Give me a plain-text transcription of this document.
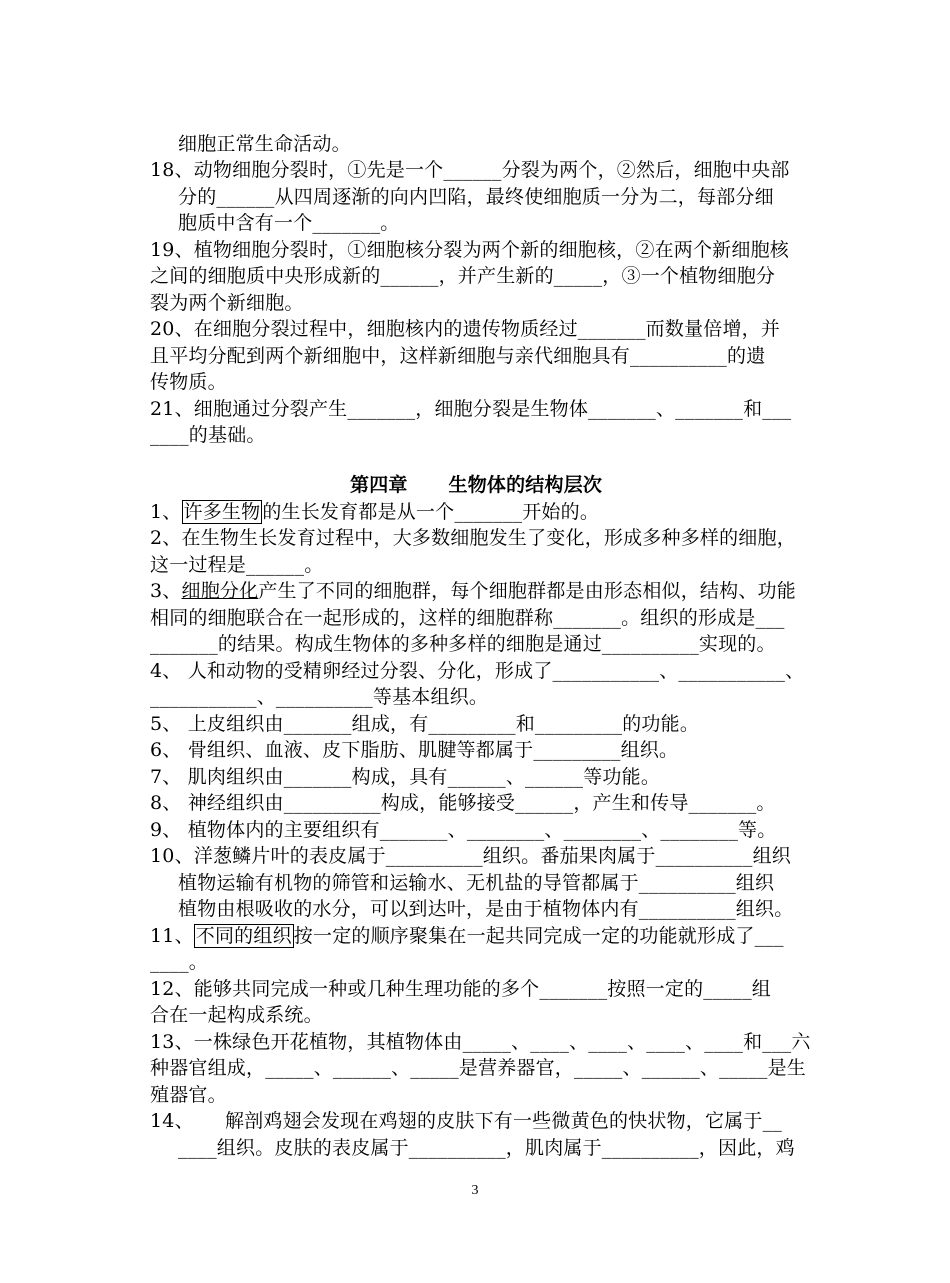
细胞正常生命活动。
18、动物细胞分裂时，①先是一个______分裂为两个，②然后，细胞中央部
分的______从四周逐渐的向内凹陷，最终使细胞质一分为二，每部分细
胞质中含有一个_______。
19、植物细胞分裂时，①细胞核分裂为两个新的细胞核，②在两个新细胞核
之间的细胞质中央形成新的______，并产生新的_____，③一个植物细胞分
裂为两个新细胞。
20、在细胞分裂过程中，细胞核内的遗传物质经过_______而数量倍增，并
且平均分配到两个新细胞中，这样新细胞与亲代细胞具有__________的遗
传物质。
21、细胞通过分裂产生_______，细胞分裂是生物体_______、_______和___
____的基础。
第四章      生物体的结构层次
1、 许多生物 的生长发育都是从一个_______开始的。
2、在生物生长发育过程中，大多数细胞发生了变化，形成多种多样的细胞，
这一过程是______。
3、细胞分化产生了不同的细胞群，每个细胞群都是由形态相似，结构、功能
相同的细胞联合在一起形成的，这样的细胞群称_______。组织的形成是___
_______的结果。构成生物体的多种多样的细胞是通过__________实现的。
4、 人和动物的受精卵经过分裂、分化，形成了___________、___________、
___________、__________等基本组织。
5、 上皮组织由_______组成，有_________和_________的功能。
6、 骨组织、血液、皮下脂肪、肌腱等都属于_________组织。
7、 肌肉组织由_______构成，具有______、______等功能。
8、 神经组织由__________构成，能够接受______，产生和传导_______。
9、 植物体内的主要组织有_______、________、________、________等。
10、洋葱鳞片叶的表皮属于__________组织。番茄果肉属于__________组织
植物运输有机物的筛管和运输水、无机盐的导管都属于__________组织
植物由根吸收的水分，可以到达叶，是由于植物体内有__________组织。
11、 不同的组织 按一定的顺序聚集在一起共同完成一定的功能就形成了___
____。
12、能够共同完成一种或几种生理功能的多个_______按照一定的_____组
合在一起构成系统。
13、一株绿色开花植物，其植物体由_____、____、____、____、____和___六
种器官组成，_____、______、_____是营养器官，_____、______、_____是生
殖器官。
14、     解剖鸡翅会发现在鸡翅的皮肤下有一些微黄色的快状物，它属于__
____组织。皮肤的表皮属于__________，肌肉属于__________，因此，鸡
3
